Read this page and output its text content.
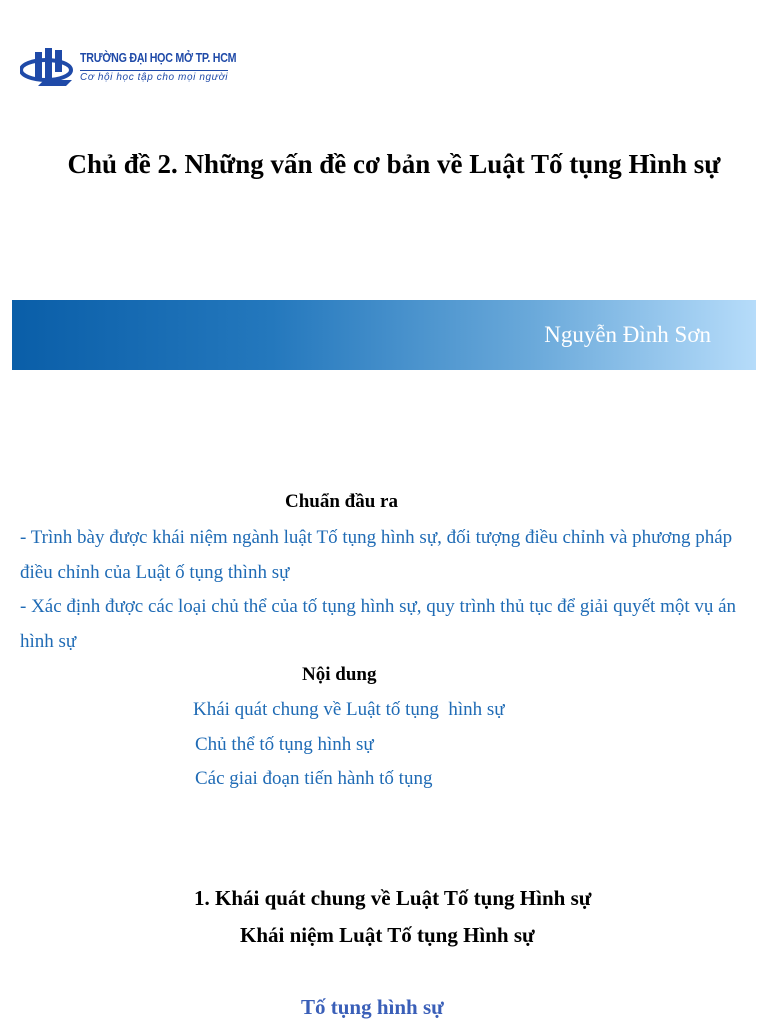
TRƯỜNG ĐẠI HỌC MỞ TP. HCM
Cơ hội học tập cho mọi người
Chủ đề 2. Những vấn đề cơ bản về Luật Tố tụng Hình sự
Nguyễn Đình Sơn
Chuẩn đầu ra
- Trình bày được khái niệm ngành luật Tố tụng hình sự, đối tượng điều chỉnh và phương pháp điều chỉnh của Luật ố tụng thình sự
- Xác định được các loại chủ thể của tố tụng hình sự, quy trình thủ tục để giải quyết một vụ án hình sự
Nội dung
Khái quát chung về Luật tố tụng  hình sự
Chủ thể tố tụng hình sự
Các giai đoạn tiến hành tố tụng
1. Khái quát chung về Luật Tố tụng Hình sự
Khái niệm Luật Tố tụng Hình sự
Tố tụng hình sự
